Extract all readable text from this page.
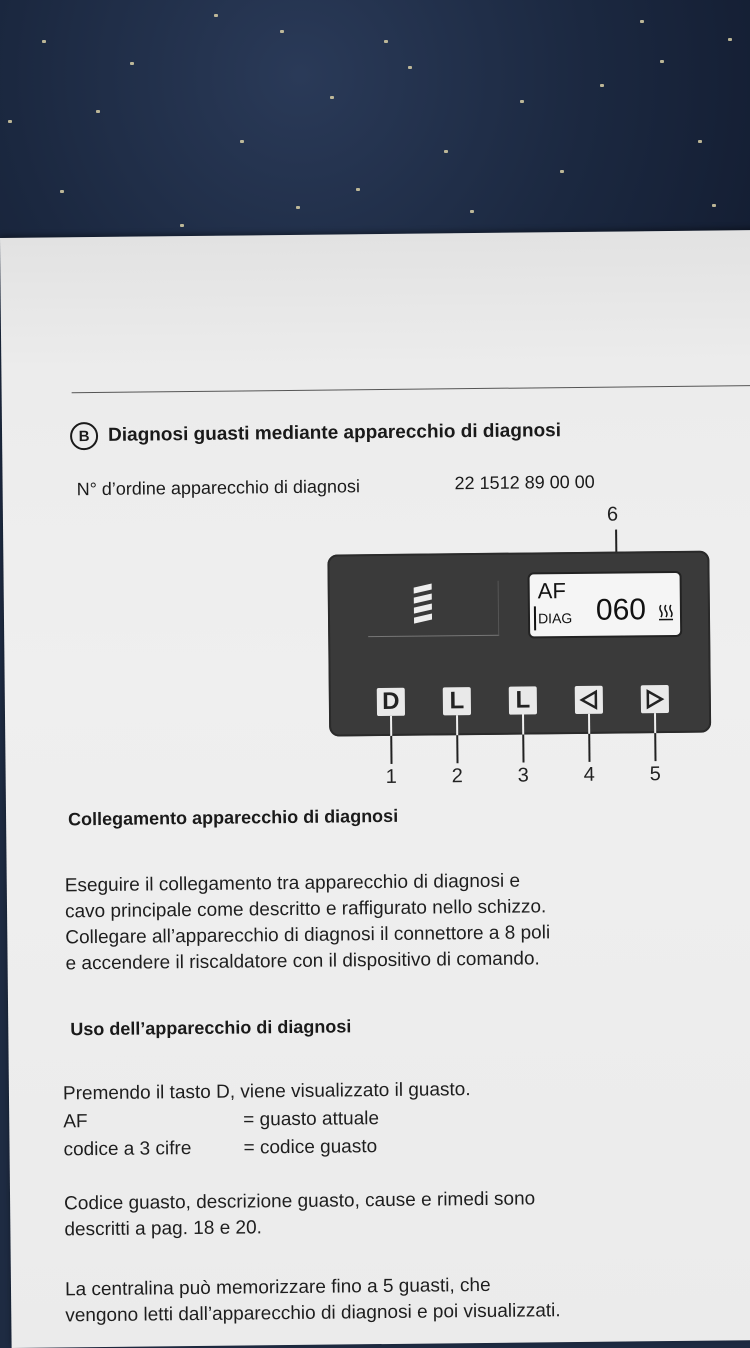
B Diagnosi guasti mediante apparecchio di diagnosi
N° d’ordine apparecchio di diagnosi	22 1512 89 00 00
6
AF
DIAG 060
D L L
1	2	3	4	5
Collegamento apparecchio di diagnosi
Eseguire il collegamento tra apparecchio di diagnosi e
cavo principale come descritto e raffigurato nello schizzo.
Collegare all’apparecchio di diagnosi il connettore a 8 poli
e accendere il riscaldatore con il dispositivo di comando.
Uso dell’apparecchio di diagnosi
Premendo il tasto D, viene visualizzato il guasto.
AF	= guasto attuale
codice a 3 cifre	= codice guasto
Codice guasto, descrizione guasto, cause e rimedi sono
descritti a pag. 18 e 20.
La centralina può memorizzare fino a 5 guasti, che
vengono letti dall’apparecchio di diagnosi e poi visualizzati.
